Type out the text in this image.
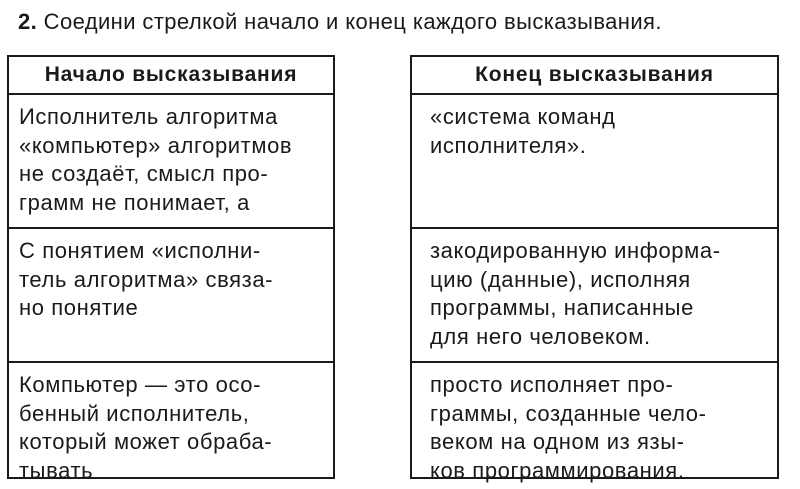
2. Соедини стрелкой начало и конец каждого высказывания.
Начало высказывания
Исполнитель алгоритма
«компьютер» алгоритмов
не создаёт, смысл про-
грамм не понимает, а
С понятием «исполни-
тель алгоритма» связа-
но понятие
Компьютер — это осо-
бенный исполнитель,
который может обраба-
тывать
Конец высказывания
«система команд
исполнителя».
закодированную информа-
цию (данные), исполняя
программы, написанные
для него человеком.
просто исполняет про-
граммы, созданные чело-
веком на одном из язы-
ков программирования.
